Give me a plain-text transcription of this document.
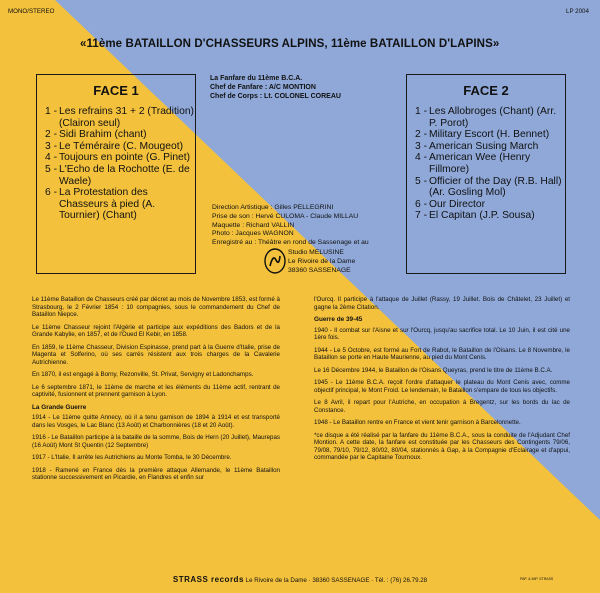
MONO/STEREO	LP 2004
«11ème BATAILLON D'CHASSEURS ALPINS, 11ème BATAILLON D'LAPINS»
FACE 1
1 - Les refrains 31 + 2 (Tradition) (Clairon seul)
2 - Sidi Brahim (chant)
3 - Le Téméraire (C. Mougeot)
4 - Toujours en pointe (G. Pinet)
5 - L'Echo de la Rochotte (E. de Waele)
6 - La Protestation des Chasseurs à pied (A. Tournier) (Chant)
La Fanfare du 11ème B.C.A.
Chef de Fanfare : A/C MONTION
Chef de Corps : Lt. COLONEL COREAU	FACE 2
1 - Les Allobroges (Chant) (Arr. P. Porot)
2 - Military Escort (H. Bennet)
3 - American Susing March
4 - American Wee (Henry Fillmore)
5 - Officier of the Day (R.B. Hall) (Ar. Gosling Mol)
6 - Our Director
7 - El Capitan (J.P. Sousa)
Direction Artistique : Gilles PELLEGRINI
Prise de son : Hervé CULOMA - Claude MILLAU
Maquette : Richard VALLIN
Photo : Jacques WAGNON
Enregistré au : Théâtre en rond de Sassenage et au
Studio MELUSINE
Le Rivoire de la Dame
38360 SASSENAGE

Le 11ème Bataillon de Chasseurs créé par décret au mois de Novembre 1853, est formé à Strasbourg, le 2 Février 1854 : 10 compagnies, sous le commandement du Chef de Bataillon Niepce.

Le 11ème Chasseur rejoint l'Algérie et participe aux expéditions des Badors et de la Grande Kabylie, en 1857, et de l'Oued El Kebir, en 1858.

En 1859, le 11ème Chasseur, Division Espinasse, prend part à la Guerre d'Italie, prise de Magenta et Solferino, où ses carrés résistent aux trois charges de la Cavalerie Autrichienne.

En 1870, il est engagé à Borny, Rezonville, St. Privat, Servigny et Ladonchamps.

Le 6 septembre 1871, le 11ème de marche et les éléments du 11ème actif, rentrant de captivité, fusionnent et prennent garnison à Lyon.

La Grande Guerre

1914 - Le 11ème quitte Annecy, où il a tenu garnison de 1894 à 1914 et est transporté dans les Vosges, le Lac Blanc (13 Août) et Charbonnières (18 et 20 Août).

1916 - Le Bataillon participe à la bataille de la somme, Bois de Hern (20 Juillet), Maurepas (16 Août) Mont St Quentin (12 Septembre)

1917 - L'Italie. Il arrête les Autrichiens au Monte Tomba, le 30 Décembre.

1918 - Ramené en France dès la première attaque Allemande, le 11ème Bataillon stationne successivement en Picardie, en Flandres et enfin sur

l'Ourcq. Il participe à l'attaque de Juillet (Rassy, 19 Juillet. Bois de Châtelet, 23 Juillet) et gagne la 2ème Citation.

Guerre de 39-45

1940 - Il combat sur l'Aisne et sur l'Ourcq, jusqu'au sacrifice total. Le 10 Juin, il est cité une 1ère fois.

1944 - Le 5 Octobre, est formé au Fort de Rabot, le Bataillon de l'Oisans. Le 8 Novembre, le Bataillon se porte en Haute Maurienne, au pied du Mont Cenis.

Le 16 Décembre 1944, le Bataillon de l'Oisans Queyras, prend le titre de 11ème B.C.A.

1945 - Le 11ème B.C.A. reçoit l'ordre d'attaquer le plateau du Mont Cenis avec, comme objectif principal, le Mont Froid. Le lendemain, le Bataillon s'empare de tous les objectifs.

Le 8 Avril, il repart pour l'Autriche, en occupation à Bregentz, sur les bords du lac de Constance.

1948 - Le Bataillon rentre en France et vient tenir garnison à Barcelonnette.

*ce disque a été réalisé par la fanfare du 11ème B.C.A., sous la conduite de l'Adjudant Chef Montion. A cette date, la fanfare est constituée par les Chasseurs des Contingents 79/06, 79/08, 79/10, 79/12, 80/02, 80/04, stationnés à Gap, à la Compagnie d'Eclairage et d'appui, commandée par le Capitaine Tournoux.

STRASS records Le Rivoire de la Dame · 38360 SASSENAGE · Tél. : (76) 26.79.28	PAP. & IMP. STRASS
